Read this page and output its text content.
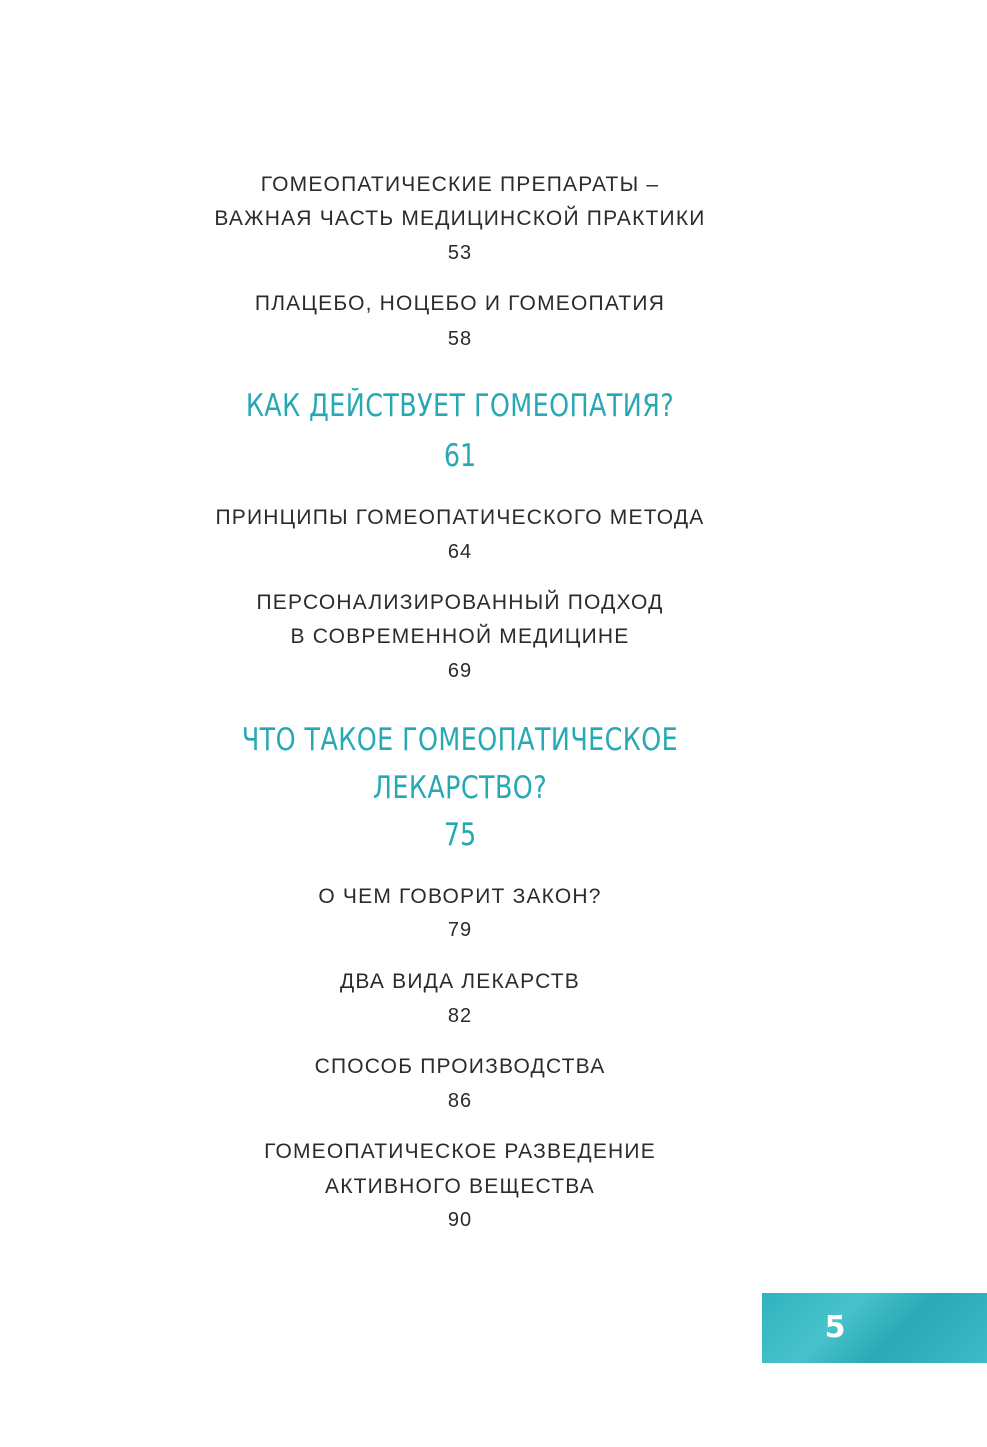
ГОМЕОПАТИЧЕСКИЕ ПРЕПАРАТЫ –
ВАЖНАЯ ЧАСТЬ МЕДИЦИНСКОЙ ПРАКТИКИ
53
ПЛАЦЕБО, НОЦЕБО И ГОМЕОПАТИЯ
58
КАК ДЕЙСТВУЕТ ГОМЕОПАТИЯ?
61
ПРИНЦИПЫ ГОМЕОПАТИЧЕСКОГО МЕТОДА
64
ПЕРСОНАЛИЗИРОВАННЫЙ ПОДХОД
В СОВРЕМЕННОЙ МЕДИЦИНЕ
69
ЧТО ТАКОЕ ГОМЕОПАТИЧЕСКОЕ
ЛЕКАРСТВО?
75
О ЧЕМ ГОВОРИТ ЗАКОН?
79
ДВА ВИДА ЛЕКАРСТВ
82
СПОСОБ ПРОИЗВОДСТВА
86
ГОМЕОПАТИЧЕСКОЕ РАЗВЕДЕНИЕ
АКТИВНОГО ВЕЩЕСТВА
90
5
